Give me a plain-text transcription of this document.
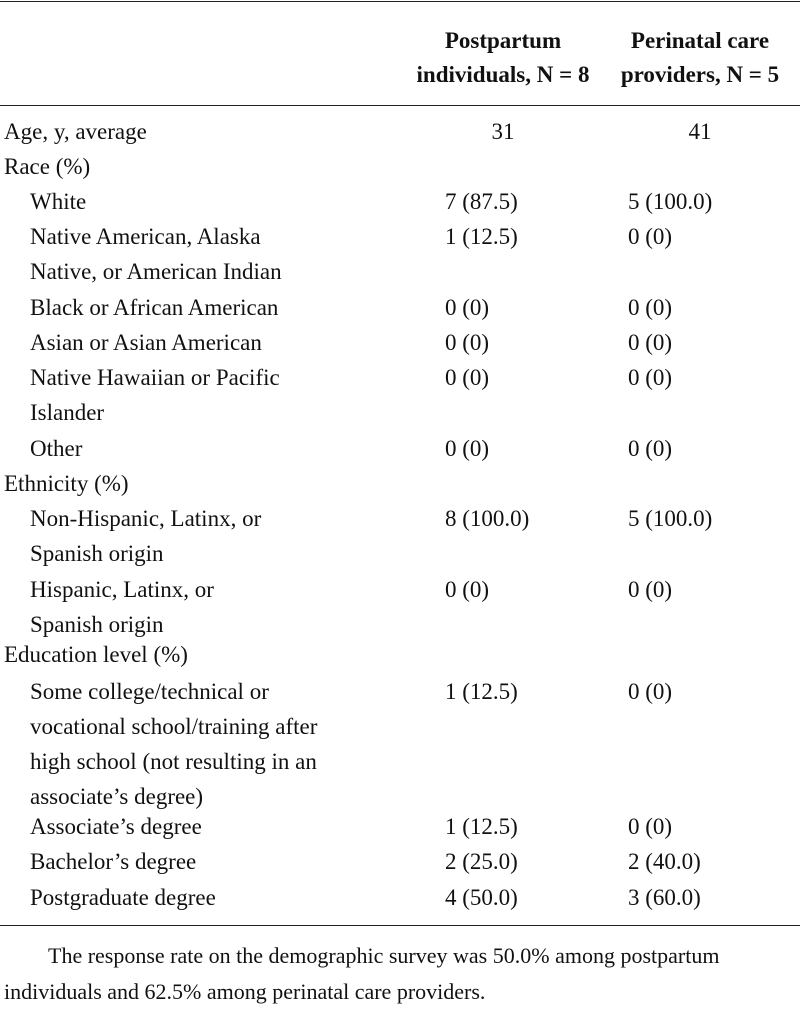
Postpartum
individuals, N = 8
Perinatal care
providers, N = 5
Age, y, average	31	41
Race (%)
White	7 (87.5)	5 (100.0)
Native American, Alaska
Native, or American Indian
1 (12.5)	0 (0)
Black or African American	0 (0)	0 (0)
Asian or Asian American	0 (0)	0 (0)
Native Hawaiian or Pacific
Islander
0 (0)	0 (0)
Other	0 (0)	0 (0)
Ethnicity (%)
Non-Hispanic, Latinx, or
Spanish origin
8 (100.0)	5 (100.0)
Hispanic, Latinx, or
Spanish origin
0 (0)	0 (0)
Education level (%)
Some college/technical or
vocational school/training after
high school (not resulting in an
associate’s degree)
1 (12.5)	0 (0)
Associate’s degree	1 (12.5)	0 (0)
Bachelor’s degree	2 (25.0)	2 (40.0)
Postgraduate degree	4 (50.0)	3 (60.0)
The response rate on the demographic survey was 50.0% among postpartum
individuals and 62.5% among perinatal care providers.
